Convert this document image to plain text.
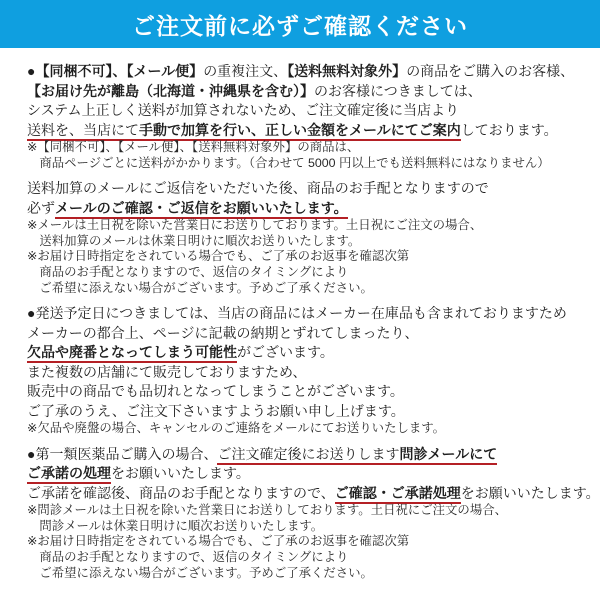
ご注文前に必ずご確認ください
●【同梱不可】、【メール便】の重複注文、【送料無料対象外】の商品をご購入のお客様、
【お届け先が離島（北海道・沖縄県を含む）】のお客様につきましては、
システム上正しく送料が加算されないため、ご注文確定後に当店より
送料を、当店にて手動で加算を行い、正しい金額をメールにてご案内しております。
※【同梱不可】、【メール便】、【送料無料対象外】の商品は、
　商品ページごとに送料がかかります。（合わせて 5000 円以上でも送料無料にはなりません）
送料加算のメールにご返信をいただいた後、商品のお手配となりますので
必ずメールのご確認・ご返信をお願いいたします。
※メールは土日祝を除いた営業日にお送りしております。土日祝にご注文の場合、
　送料加算のメールは休業日明けに順次お送りいたします。
※お届け日時指定をされている場合でも、ご了承のお返事を確認次第
　商品のお手配となりますので、返信のタイミングにより
　ご希望に添えない場合がございます。予めご了承ください。
●発送予定日につきましては、当店の商品にはメーカー在庫品も含まれておりますため
メーカーの都合上、ページに記載の納期とずれてしまったり、
欠品や廃番となってしまう可能性がございます。
また複数の店舗にて販売しておりますため、
販売中の商品でも品切れとなってしまうことがございます。
ご了承のうえ、ご注文下さいますようお願い申し上げます。
※欠品や廃盤の場合、キャンセルのご連絡をメールにてお送りいたします。
●第一類医薬品ご購入の場合、ご注文確定後にお送りします問診メールにて
ご承諾の処理をお願いいたします。
ご承諾を確認後、商品のお手配となりますので、ご確認・ご承諾処理をお願いいたします。
※問診メールは土日祝を除いた営業日にお送りしております。土日祝にご注文の場合、
　問診メールは休業日明けに順次お送りいたします。
※お届け日時指定をされている場合でも、ご了承のお返事を確認次第
　商品のお手配となりますので、返信のタイミングにより
　ご希望に添えない場合がございます。予めご了承ください。
